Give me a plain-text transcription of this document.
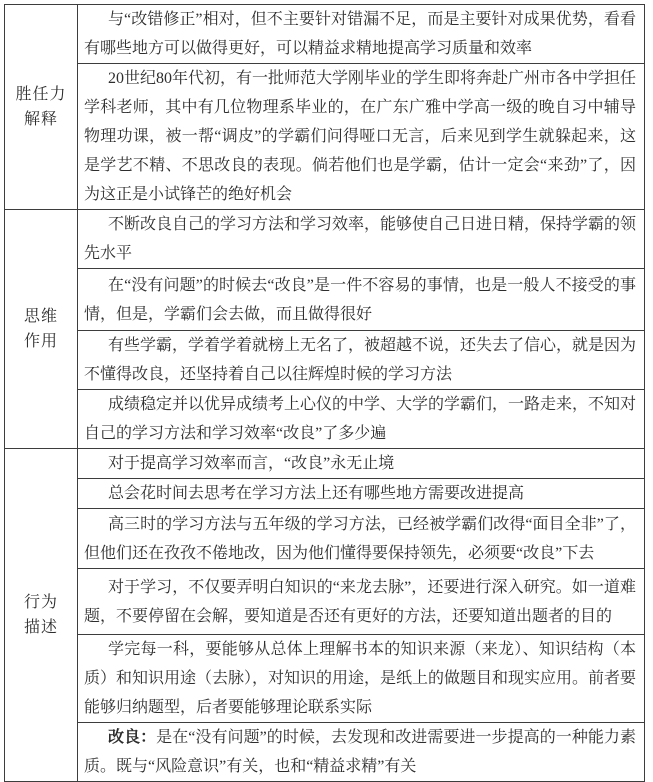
胜任力
解释	与“改错修正”相对，但不主要针对错漏不足，而是主要针对成果优势，看看有哪些地方可以做得更好，可以精益求精地提高学习质量和效率

	20世纪80年代初，有一批师范大学刚毕业的学生即将奔赴广州市各中学担任学科老师，其中有几位物理系毕业的，在广东广雅中学高一级的晚自习中辅导物理功课，被一帮“调皮”的学霸们问得哑口无言，后来见到学生就躲起来，这是学艺不精、不思改良的表现。倘若他们也是学霸，估计一定会“来劲”了，因为这正是小试锋芒的绝好机会

思维
作用	不断改良自己的学习方法和学习效率，能够使自己日进日精，保持学霸的领先水平

	在“没有问题”的时候去“改良”是一件不容易的事情，也是一般人不接受的事情，但是，学霸们会去做，而且做得很好

	有些学霸，学着学着就榜上无名了，被超越不说，还失去了信心，就是因为不懂得改良，还坚持着自己以往辉煌时候的学习方法

	成绩稳定并以优异成绩考上心仪的中学、大学的学霸们，一路走来，不知对自己的学习方法和学习效率“改良”了多少遍

行为
描述	对于提高学习效率而言，“改良”永无止境

	总会花时间去思考在学习方法上还有哪些地方需要改进提高

	高三时的学习方法与五年级的学习方法，已经被学霸们改得“面目全非”了，但他们还在孜孜不倦地改，因为他们懂得要保持领先，必须要“改良”下去

	对于学习，不仅要弄明白知识的“来龙去脉”，还要进行深入研究。如一道难题，不要停留在会解，要知道是否还有更好的方法，还要知道出题者的目的

	学完每一科，要能够从总体上理解书本的知识来源（来龙）、知识结构（本质）和知识用途（去脉），对知识的用途，是纸上的做题目和现实应用。前者要能够归纳题型，后者要能够理论联系实际

	改良：是在“没有问题”的时候，去发现和改进需要进一步提高的一种能力素质。既与“风险意识”有关，也和“精益求精”有关
